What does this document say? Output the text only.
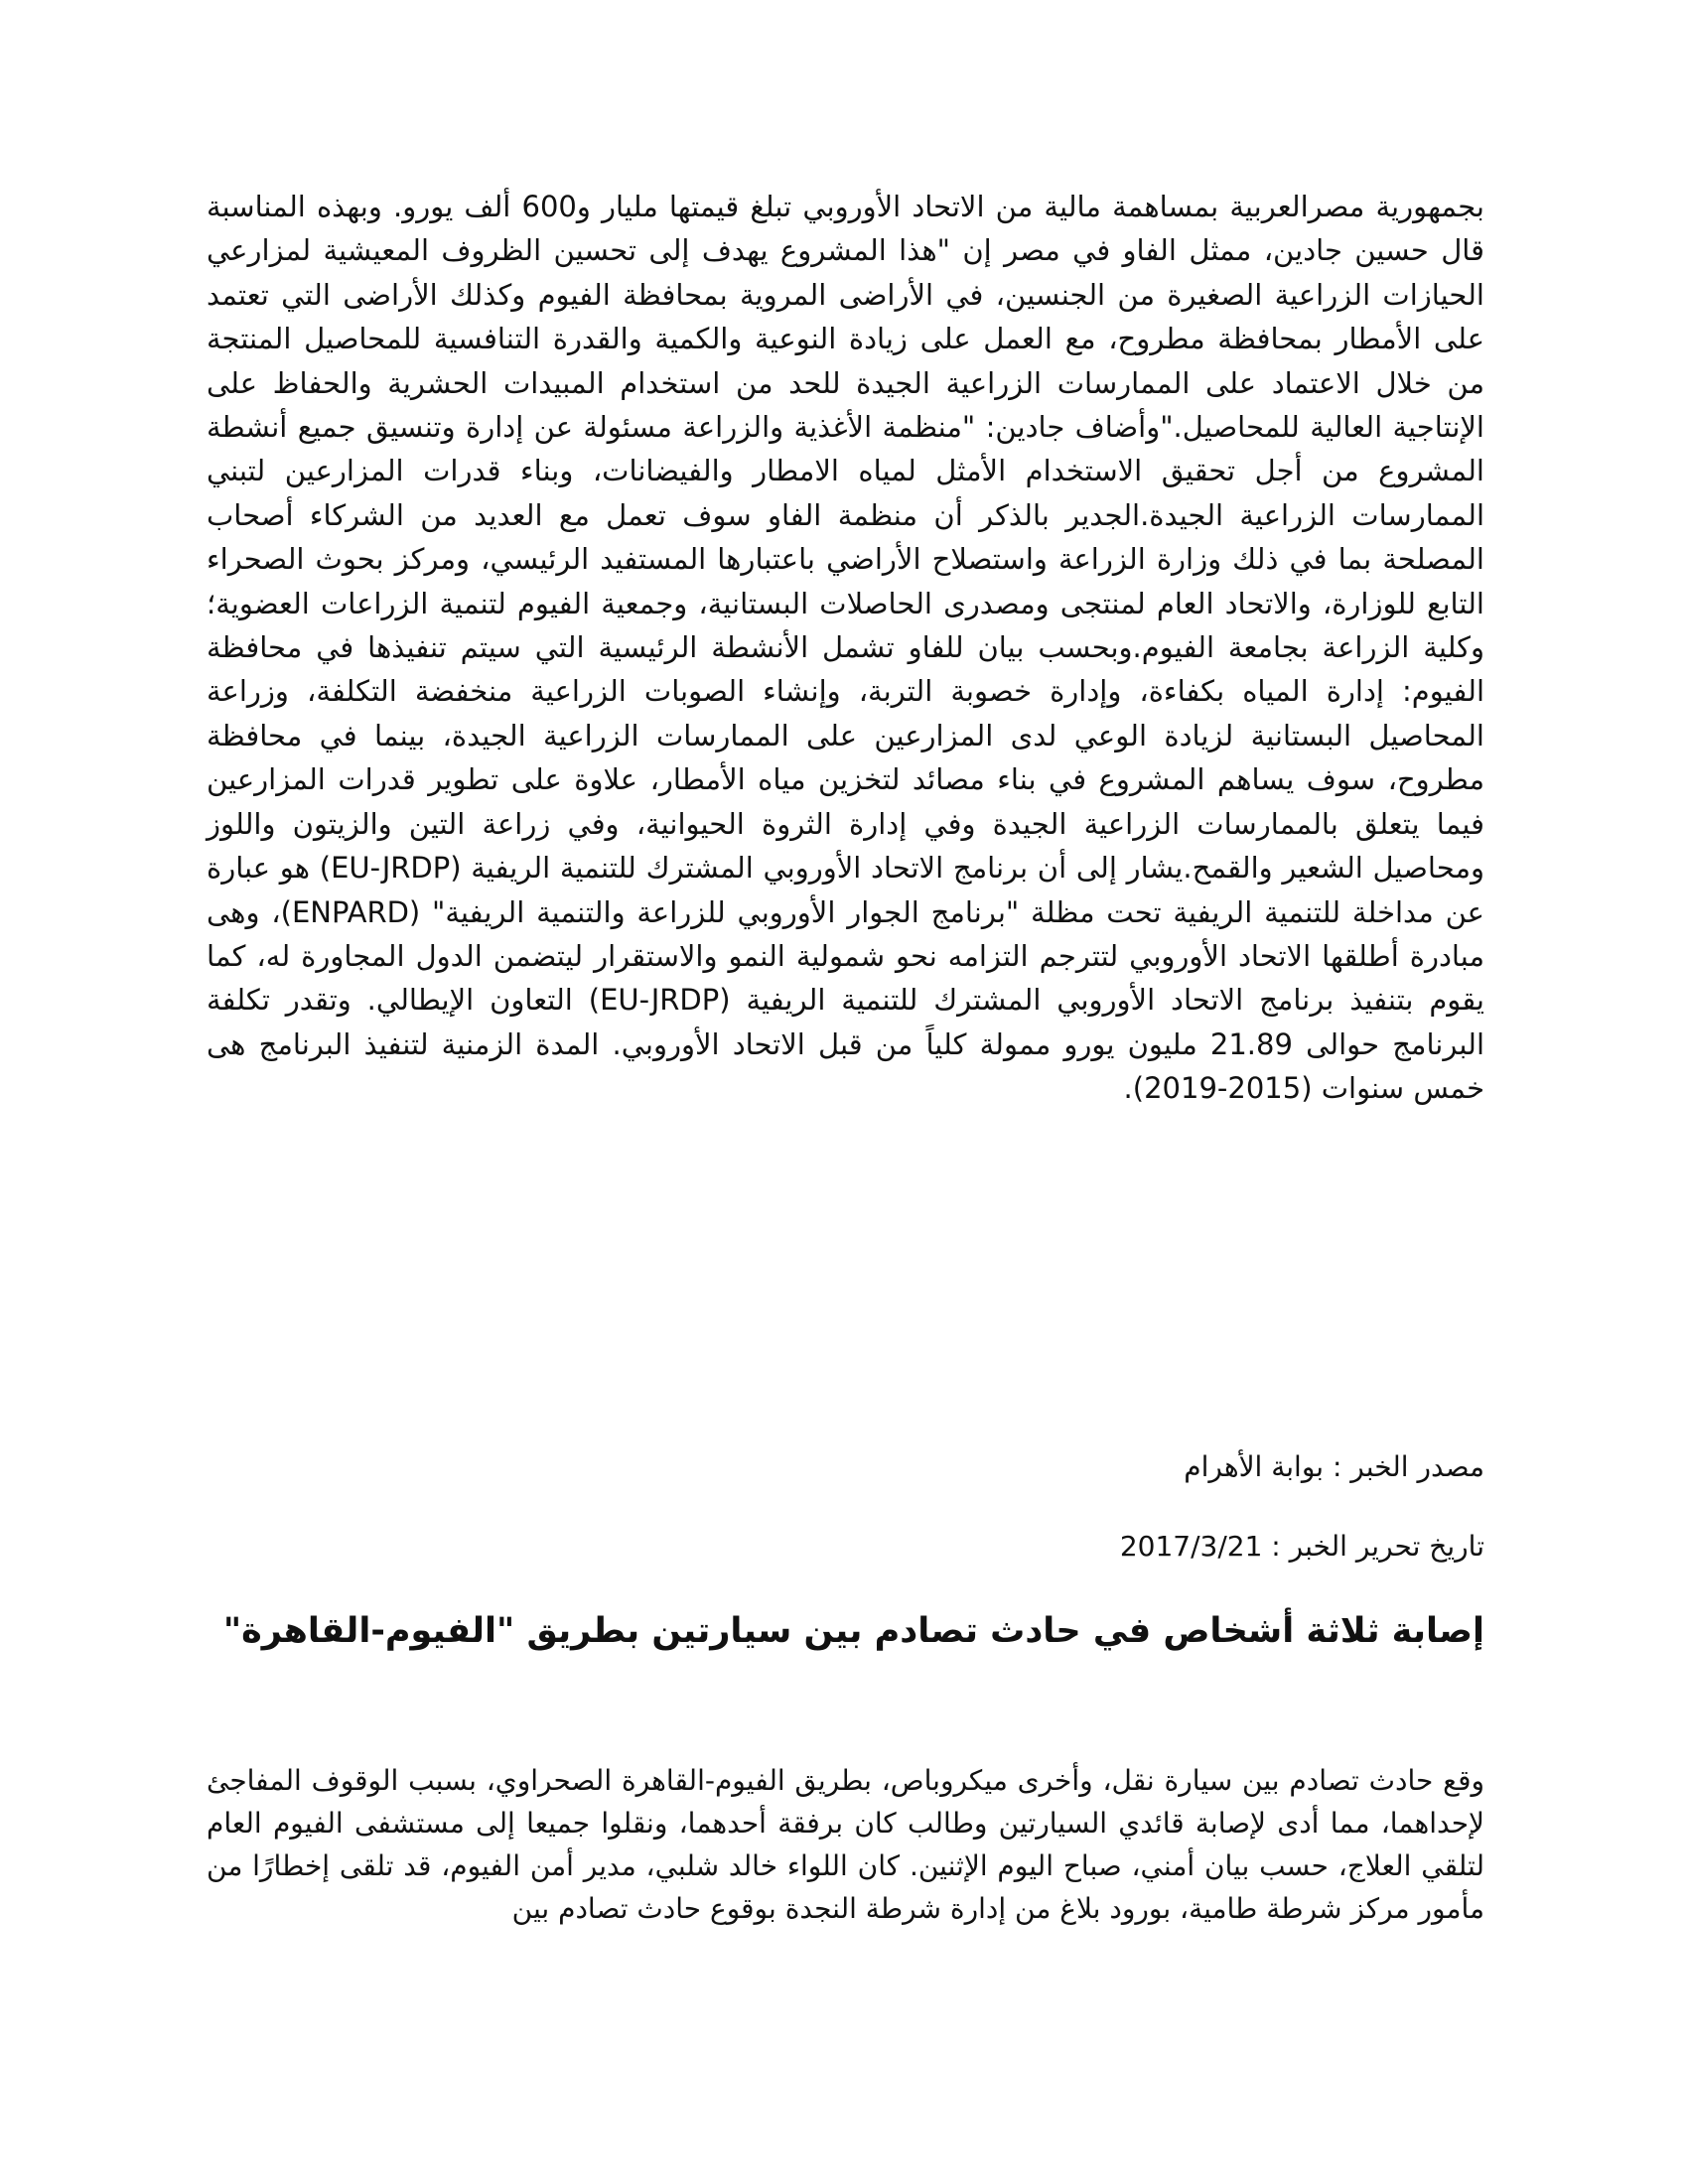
بجمهورية مصرالعربية بمساهمة مالية من الاتحاد الأوروبي تبلغ قيمتها مليار و600 ألف يورو. وبهذه المناسبة قال حسين جادين، ممثل الفاو في مصر إن "هذا المشروع يهدف إلى تحسين الظروف المعيشية لمزارعي الحيازات الزراعية الصغيرة من الجنسين، في الأراضى المروية بمحافظة الفيوم وكذلك الأراضى التي تعتمد على الأمطار بمحافظة مطروح، مع العمل على زيادة النوعية والكمية والقدرة التنافسية للمحاصيل المنتجة من خلال الاعتماد على الممارسات الزراعية الجيدة للحد من استخدام المبيدات الحشرية والحفاظ على الإنتاجية العالية للمحاصيل."وأضاف جادين: "منظمة الأغذية والزراعة مسئولة عن إدارة وتنسيق جميع أنشطة المشروع من أجل تحقيق الاستخدام الأمثل لمياه الامطار والفيضانات، وبناء قدرات المزارعين لتبني الممارسات الزراعية الجيدة.الجدير بالذكر أن منظمة الفاو سوف تعمل مع العديد من الشركاء أصحاب المصلحة بما في ذلك وزارة الزراعة واستصلاح الأراضي باعتبارها المستفيد الرئيسي، ومركز بحوث الصحراء التابع للوزارة، والاتحاد العام لمنتجى ومصدرى الحاصلات البستانية، وجمعية الفيوم لتنمية الزراعات العضوية؛ وكلية الزراعة بجامعة الفيوم.وبحسب بيان للفاو تشمل الأنشطة الرئيسية التي سيتم تنفيذها في محافظة الفيوم: إدارة المياه بكفاءة، وإدارة خصوبة التربة، وإنشاء الصوبات الزراعية منخفضة التكلفة، وزراعة المحاصيل البستانية لزيادة الوعي لدى المزارعين على الممارسات الزراعية الجيدة، بينما في محافظة مطروح، سوف يساهم المشروع في بناء مصائد لتخزين مياه الأمطار، علاوة على تطوير قدرات المزارعين فيما يتعلق بالممارسات الزراعية الجيدة وفي إدارة الثروة الحيوانية، وفي زراعة التين والزيتون واللوز ومحاصيل الشعير والقمح.يشار إلى أن برنامج الاتحاد الأوروبي المشترك للتنمية الريفية (EU-JRDP) هو عبارة عن مداخلة للتنمية الريفية تحت مظلة "برنامج الجوار الأوروبي للزراعة والتنمية الريفية" (ENPARD)، وهى مبادرة أطلقها الاتحاد الأوروبي لتترجم التزامه نحو شمولية النمو والاستقرار ليتضمن الدول المجاورة له، كما يقوم بتنفيذ برنامج الاتحاد الأوروبي المشترك للتنمية الريفية (EU-JRDP) التعاون الإيطالي. وتقدر تكلفة البرنامج حوالى 21.89 مليون يورو ممولة كلياً من قبل الاتحاد الأوروبي. المدة الزمنية لتنفيذ البرنامج هى خمس سنوات (2015-2019).

مصدر الخبر : بوابة الأهرام

تاريخ تحرير الخبر : 2017/3/21

إصابة ثلاثة أشخاص في حادث تصادم بين سيارتين بطريق "الفيوم-القاهرة"

وقع حادث تصادم بين سيارة نقل، وأخرى ميكروباص، بطريق الفيوم-القاهرة الصحراوي، بسبب الوقوف المفاجئ لإحداهما، مما أدى لإصابة قائدي السيارتين وطالب كان برفقة أحدهما، ونقلوا جميعا إلى مستشفى الفيوم العام لتلقي العلاج، حسب بيان أمني، صباح اليوم الإثنين. كان اللواء خالد شلبي، مدير أمن الفيوم، قد تلقى إخطارًا من مأمور مركز شرطة طامية، بورود بلاغ من إدارة شرطة النجدة بوقوع حادث تصادم بين
